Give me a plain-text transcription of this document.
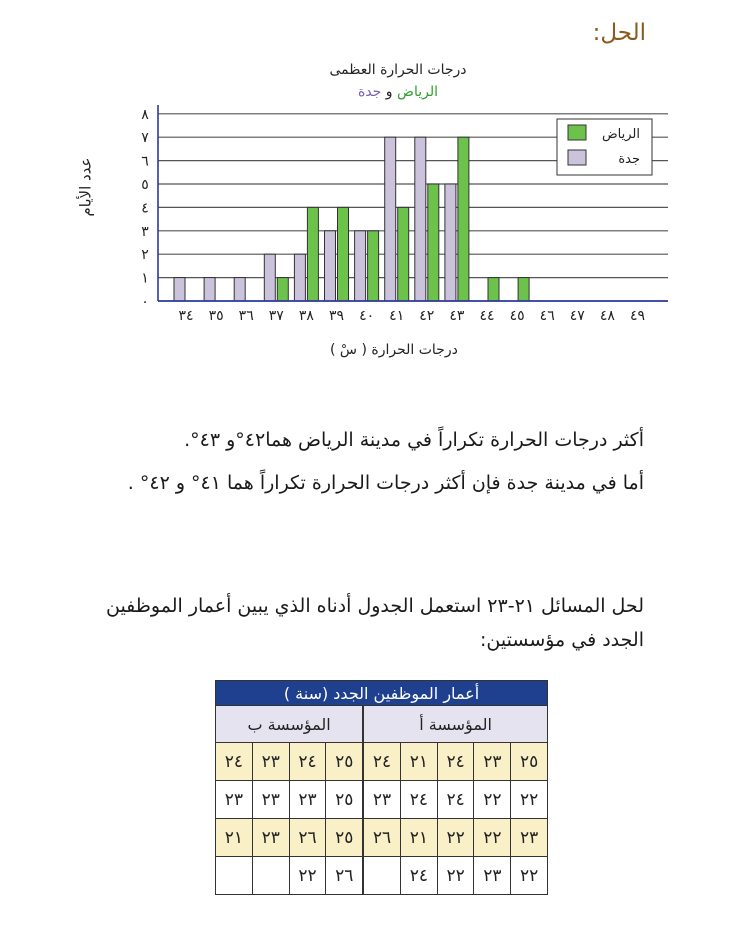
الحل:
درجات الحرارة العظمى
الرياض و جدة
٠
١
٢
٣
٤
٥
٦
٧
٨
٣٤ ٣٥ ٣٦ ٣٧ ٣٨ ٣٩ ٤٠ ٤١ ٤٢ ٤٣ ٤٤ ٤٥ ٤٦ ٤٧ ٤٨ ٤٩
الرياض
جدة
عدد الأيام
درجات الحرارة ( سْ )
أكثر درجات الحرارة تكراراً في مدينة الرياض هما٤٢°و ٤٣°.
أما في مدينة جدة فإن أكثر درجات الحرارة تكراراً هما ٤١° و ٤٢° .
لحل المسائل ٢١-٢٣ استعمل الجدول أدناه الذي يبين أعمار الموظفين الجدد في مؤسستين:
أعمار الموظفين الجدد (سنة )								
المؤسسة أ					المؤسسة ب			
٢٥	٢٣	٢٤	٢١	٢٤	٢٥	٢٤	٢٣	٢٤
٢٢	٢٢	٢٤	٢٤	٢٣	٢٥	٢٣	٢٣	٢٣
٢٣	٢٢	٢٢	٢١	٢٦	٢٥	٢٦	٢٣	٢١
٢٢	٢٣	٢٢	٢٤		٢٦	٢٢		
